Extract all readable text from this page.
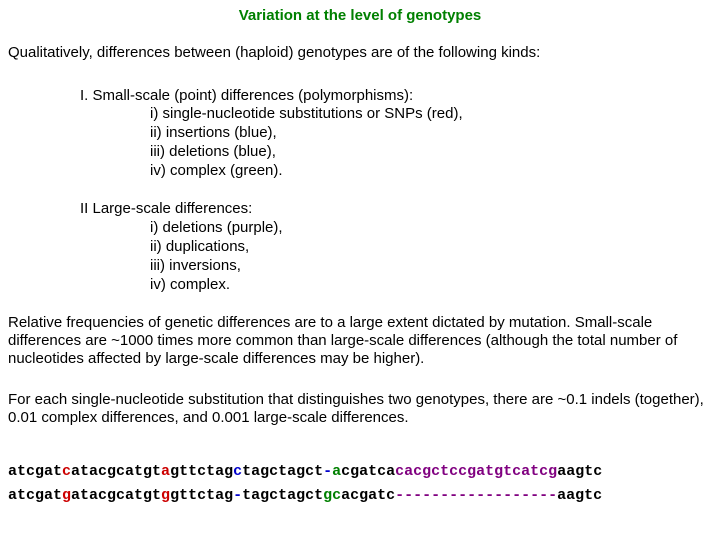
Variation at the level of genotypes
Qualitatively, differences between (haploid) genotypes are of the following kinds:
I. Small-scale (point) differences (polymorphisms):
i) single-nucleotide substitutions or SNPs (red),
ii) insertions (blue),
iii) deletions (blue),
iv) complex (green).
II Large-scale differences:
i) deletions (purple),
ii) duplications,
iii) inversions,
iv) complex.
Relative frequencies of genetic differences are to a large extent dictated by mutation. Small-scale differences are ~1000 times more common than large-scale differences (although the total number of nucleotides affected by large-scale differences may be higher).
For each single-nucleotide substitution that distinguishes two genotypes, there are ~0.1 indels (together), 0.01 complex differences, and 0.001 large-scale differences.
atcgatcatacgcatgtagttctagctagctagct-acgatcacacgctccgatgtcatcgaagtc
atcgatgatacgcatgtggttctag-tagctagctgcacgatc------------------aagtc
